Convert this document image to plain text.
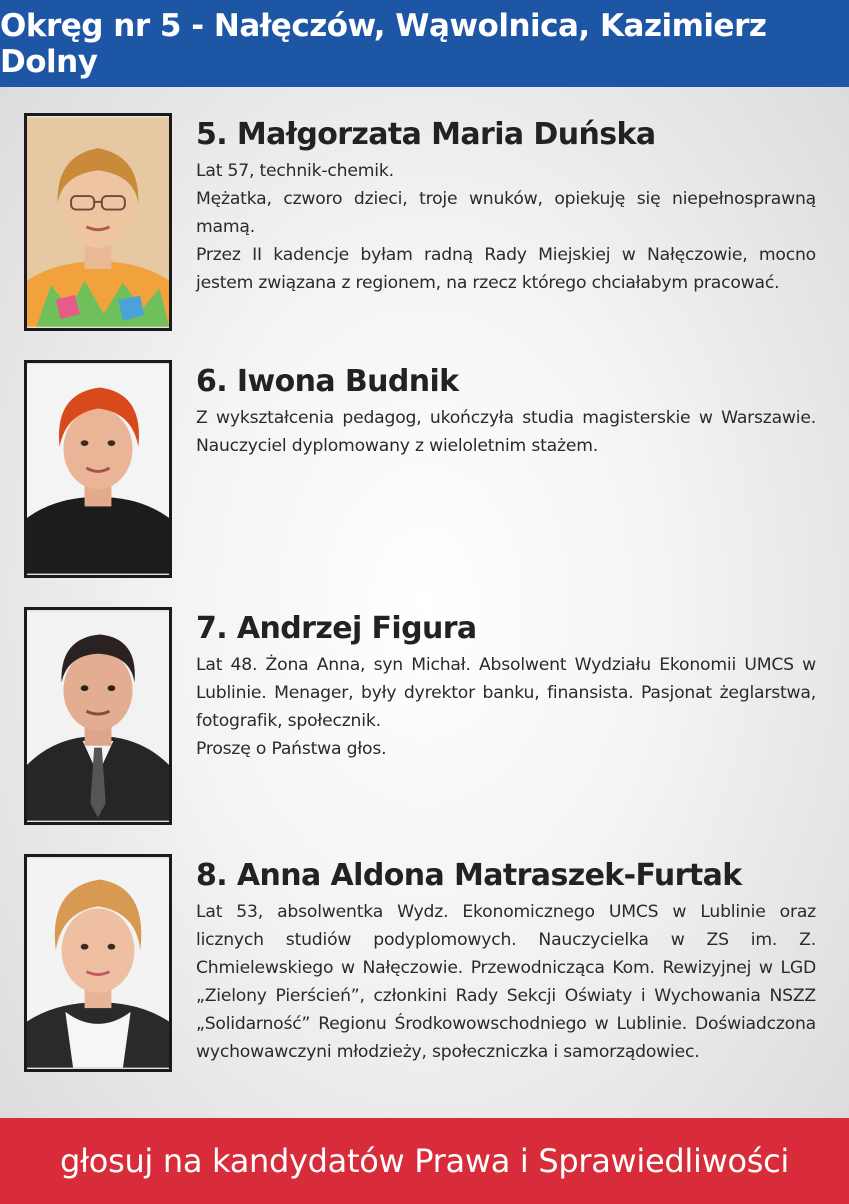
Okręg nr 5 - Nałęczów, Wąwolnica, Kazimierz Dolny
5. Małgorzata Maria Duńska

Lat 57, technik-chemik.

Mężatka, czworo dzieci, troje wnuków, opiekuję się niepełnosprawną mamą.

Przez II kadencje byłam radną Rady Miejskiej w Nałęczowie, mocno jestem związana z regionem, na rzecz którego chciałabym pracować.

6. Iwona Budnik

Z wykształcenia pedagog, ukończyła studia magisterskie w Warszawie. Nauczyciel dyplomowany z wieloletnim stażem.

7. Andrzej Figura

Lat 48. Żona Anna, syn Michał. Absolwent Wydziału Ekonomii UMCS w Lublinie. Menager, były dyrektor banku, finansista. Pasjonat żeglarstwa, fotografik, społecznik.

Proszę o Państwa głos.

8. Anna Aldona Matraszek-Furtak

Lat 53, absolwentka Wydz. Ekonomicznego UMCS w Lublinie oraz licznych studiów podyplomowych. Nauczycielka w ZS im. Z. Chmielewskiego w Nałęczowie. Przewodnicząca Kom. Rewizyjnej w LGD „Zielony Pierścień”, członkini Rady Sekcji Oświaty i Wychowania NSZZ „Solidarność” Regionu Środkowowschodniego w Lublinie. Doświadczona wychowawczyni młodzieży, społeczniczka i samorządowiec.

głosuj na kandydatów Prawa i Sprawiedliwości
